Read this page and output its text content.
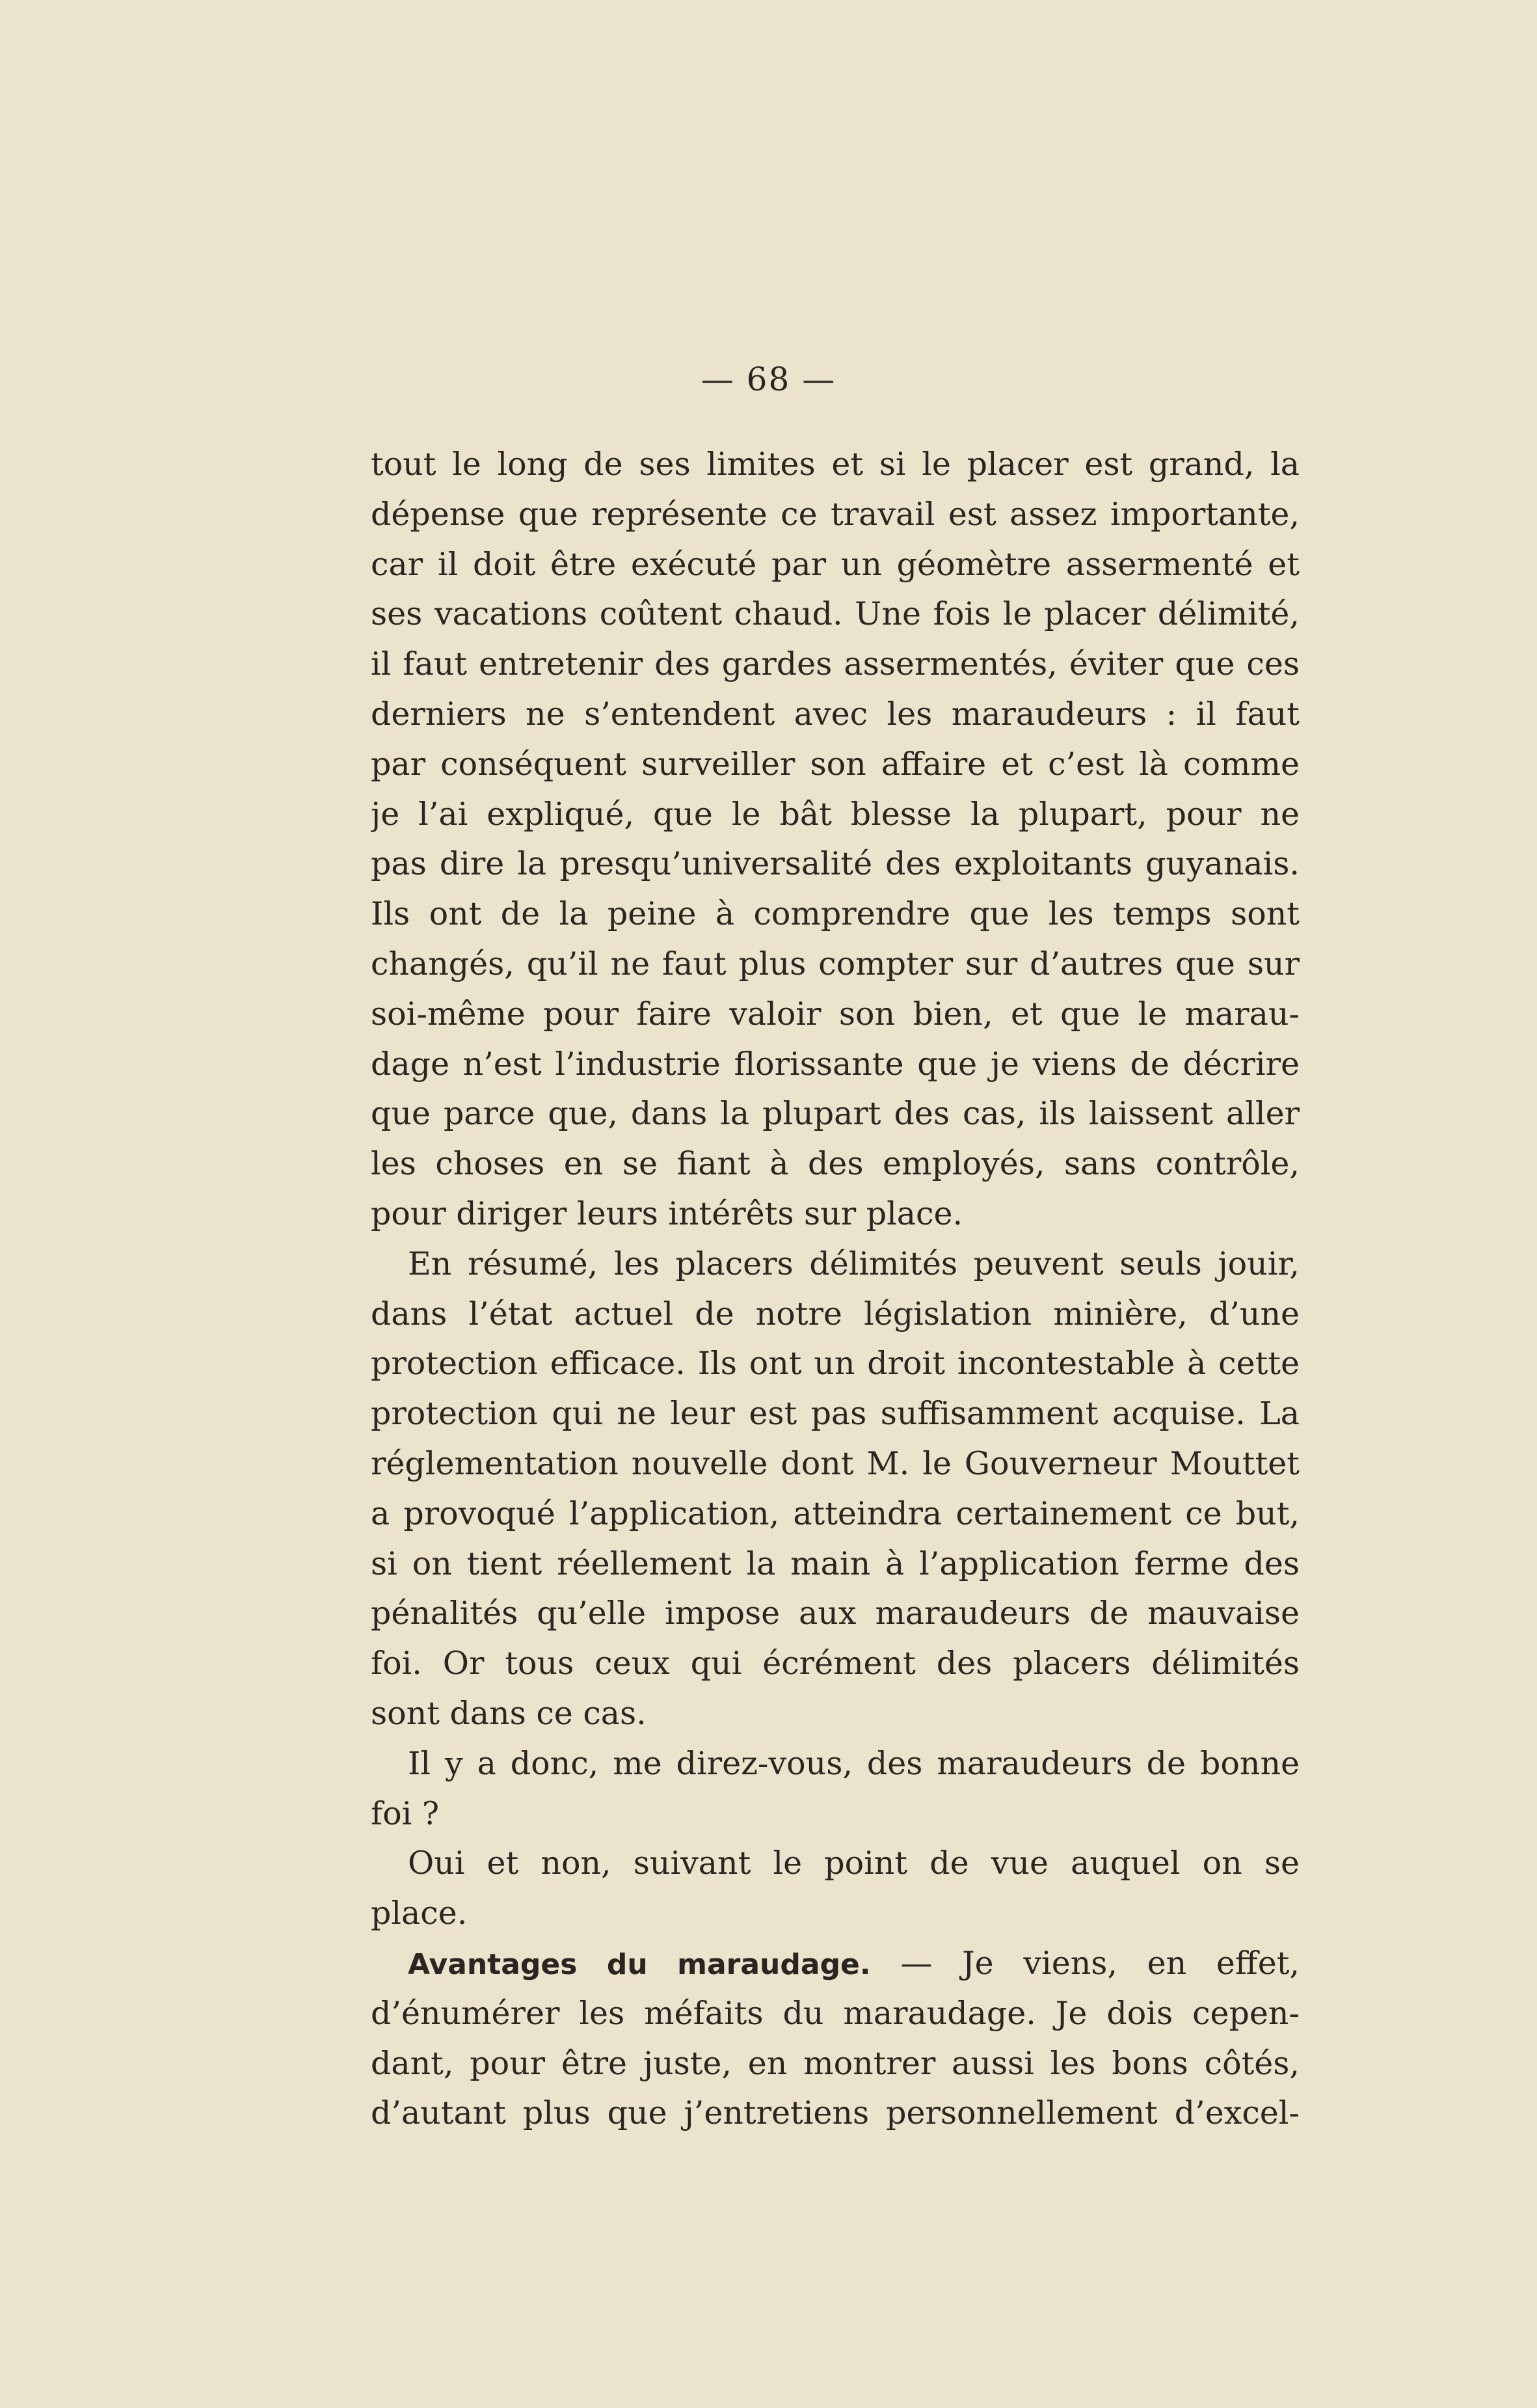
— 68 —
tout le long de ses limites et si le placer est grand, la
dépense que représente ce travail est assez importante,
car il doit être exécuté par un géomètre assermenté et
ses vacations coûtent chaud. Une fois le placer délimité,
il faut entretenir des gardes assermentés, éviter que ces
derniers ne s’entendent avec les maraudeurs : il faut
par conséquent surveiller son affaire et c’est là comme
je l’ai expliqué, que le bât blesse la plupart, pour ne
pas dire la presqu’universalité des exploitants guyanais.
Ils ont de la peine à comprendre que les temps sont
changés, qu’il ne faut plus compter sur d’autres que sur
soi-même pour faire valoir son bien, et que le marau-
dage n’est l’industrie florissante que je viens de décrire
que parce que, dans la plupart des cas, ils laissent aller
les choses en se fiant à des employés, sans contrôle,
pour diriger leurs intérêts sur place.
En résumé, les placers délimités peuvent seuls jouir,
dans l’état actuel de notre législation minière, d’une
protection efficace. Ils ont un droit incontestable à cette
protection qui ne leur est pas suffisamment acquise. La
réglementation nouvelle dont M. le Gouverneur Mouttet
a provoqué l’application, atteindra certainement ce but,
si on tient réellement la main à l’application ferme des
pénalités qu’elle impose aux maraudeurs de mauvaise
foi. Or tous ceux qui écrément des placers délimités
sont dans ce cas.
Il y a donc, me direz-vous, des maraudeurs de bonne
foi ?
Oui et non, suivant le point de vue auquel on se
place.
Avantages du maraudage. — Je viens, en effet,
d’énumérer les méfaits du maraudage. Je dois cepen-
dant, pour être juste, en montrer aussi les bons côtés,
d’autant plus que j’entretiens personnellement d’excel-
